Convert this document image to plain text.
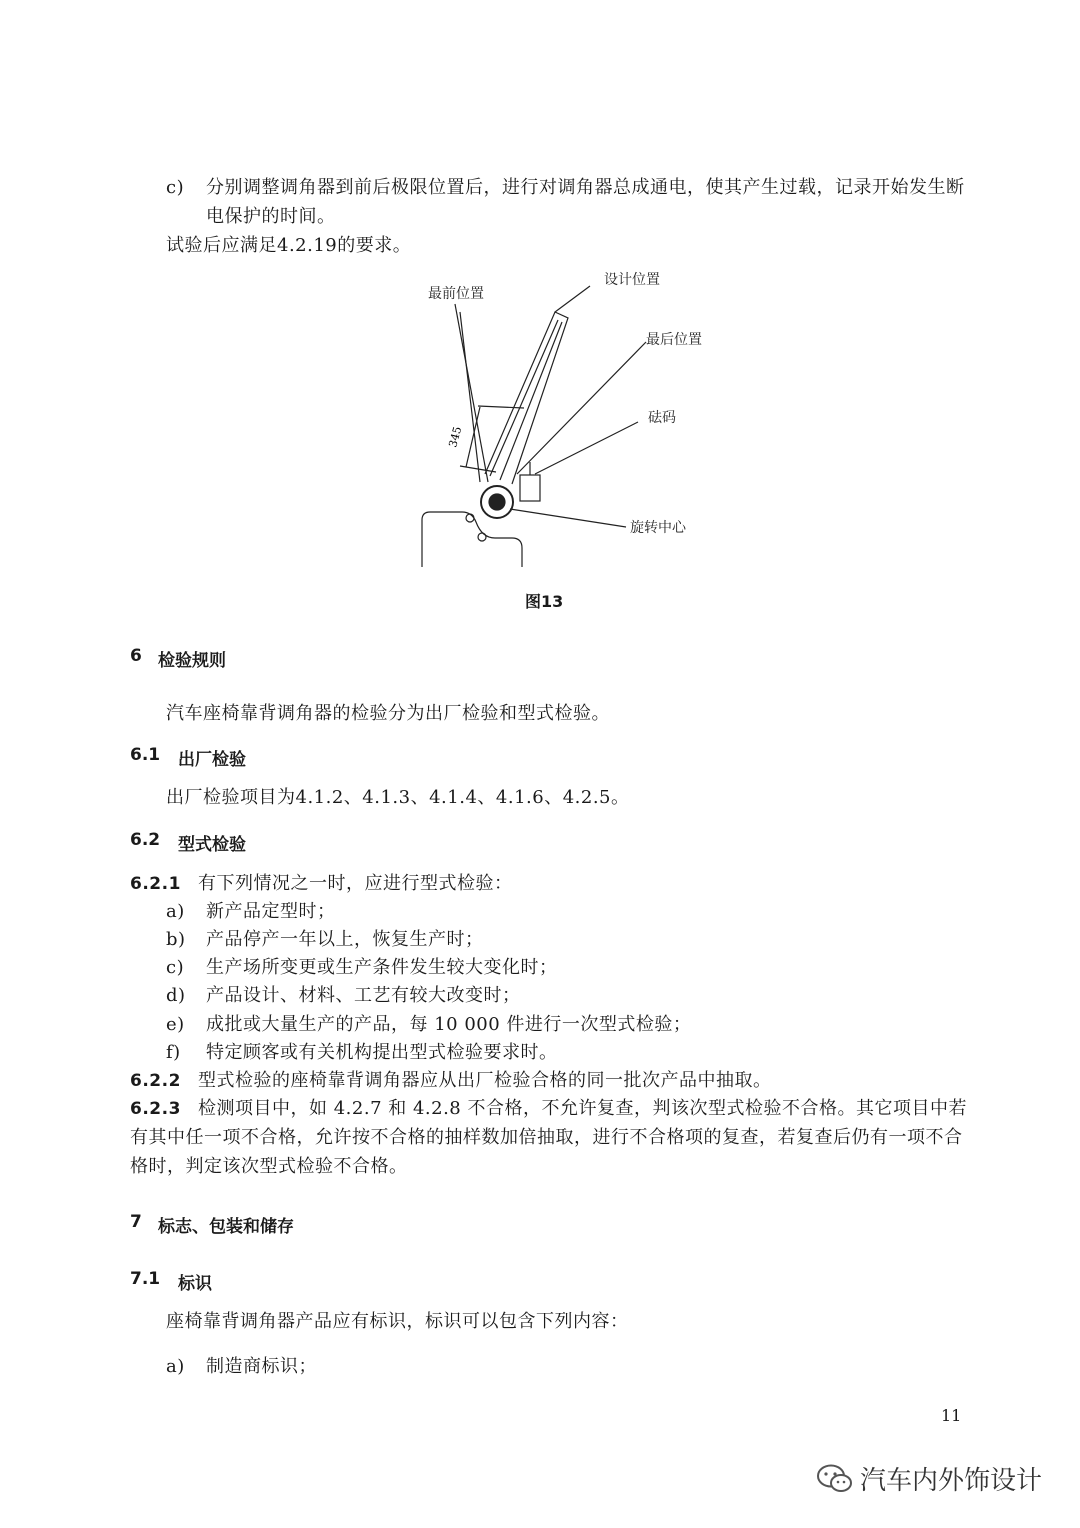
c) 分别调整调角器到前后极限位置后，进行对调角器总成通电，使其产生过载，记录开始发生断
电保护的时间。
试验后应满足4.2.19的要求。
345
最前位置
设计位置
最后位置
砝码
旋转中心
图13
6 检验规则
汽车座椅靠背调角器的检验分为出厂检验和型式检验。
6.1 出厂检验
出厂检验项目为4.1.2、4.1.3、4.1.4、4.1.6、4.2.5。
6.2 型式检验
6.2.1 有下列情况之一时，应进行型式检验：
a) 新产品定型时；
b) 产品停产一年以上，恢复生产时；
c) 生产场所变更或生产条件发生较大变化时；
d) 产品设计、材料、工艺有较大改变时；
e) 成批或大量生产的产品，每 10 000 件进行一次型式检验；
f) 特定顾客或有关机构提出型式检验要求时。
6.2.2 型式检验的座椅靠背调角器应从出厂检验合格的同一批次产品中抽取。
6.2.3 检测项目中，如 4.2.7 和 4.2.8 不合格，不允许复查，判该次型式检验不合格。其它项目中若
有其中任一项不合格，允许按不合格的抽样数加倍抽取，进行不合格项的复查，若复查后仍有一项不合
格时，判定该次型式检验不合格。
7 标志、包装和储存
7.1 标识
座椅靠背调角器产品应有标识，标识可以包含下列内容：
a) 制造商标识；
11
汽车内外饰设计
